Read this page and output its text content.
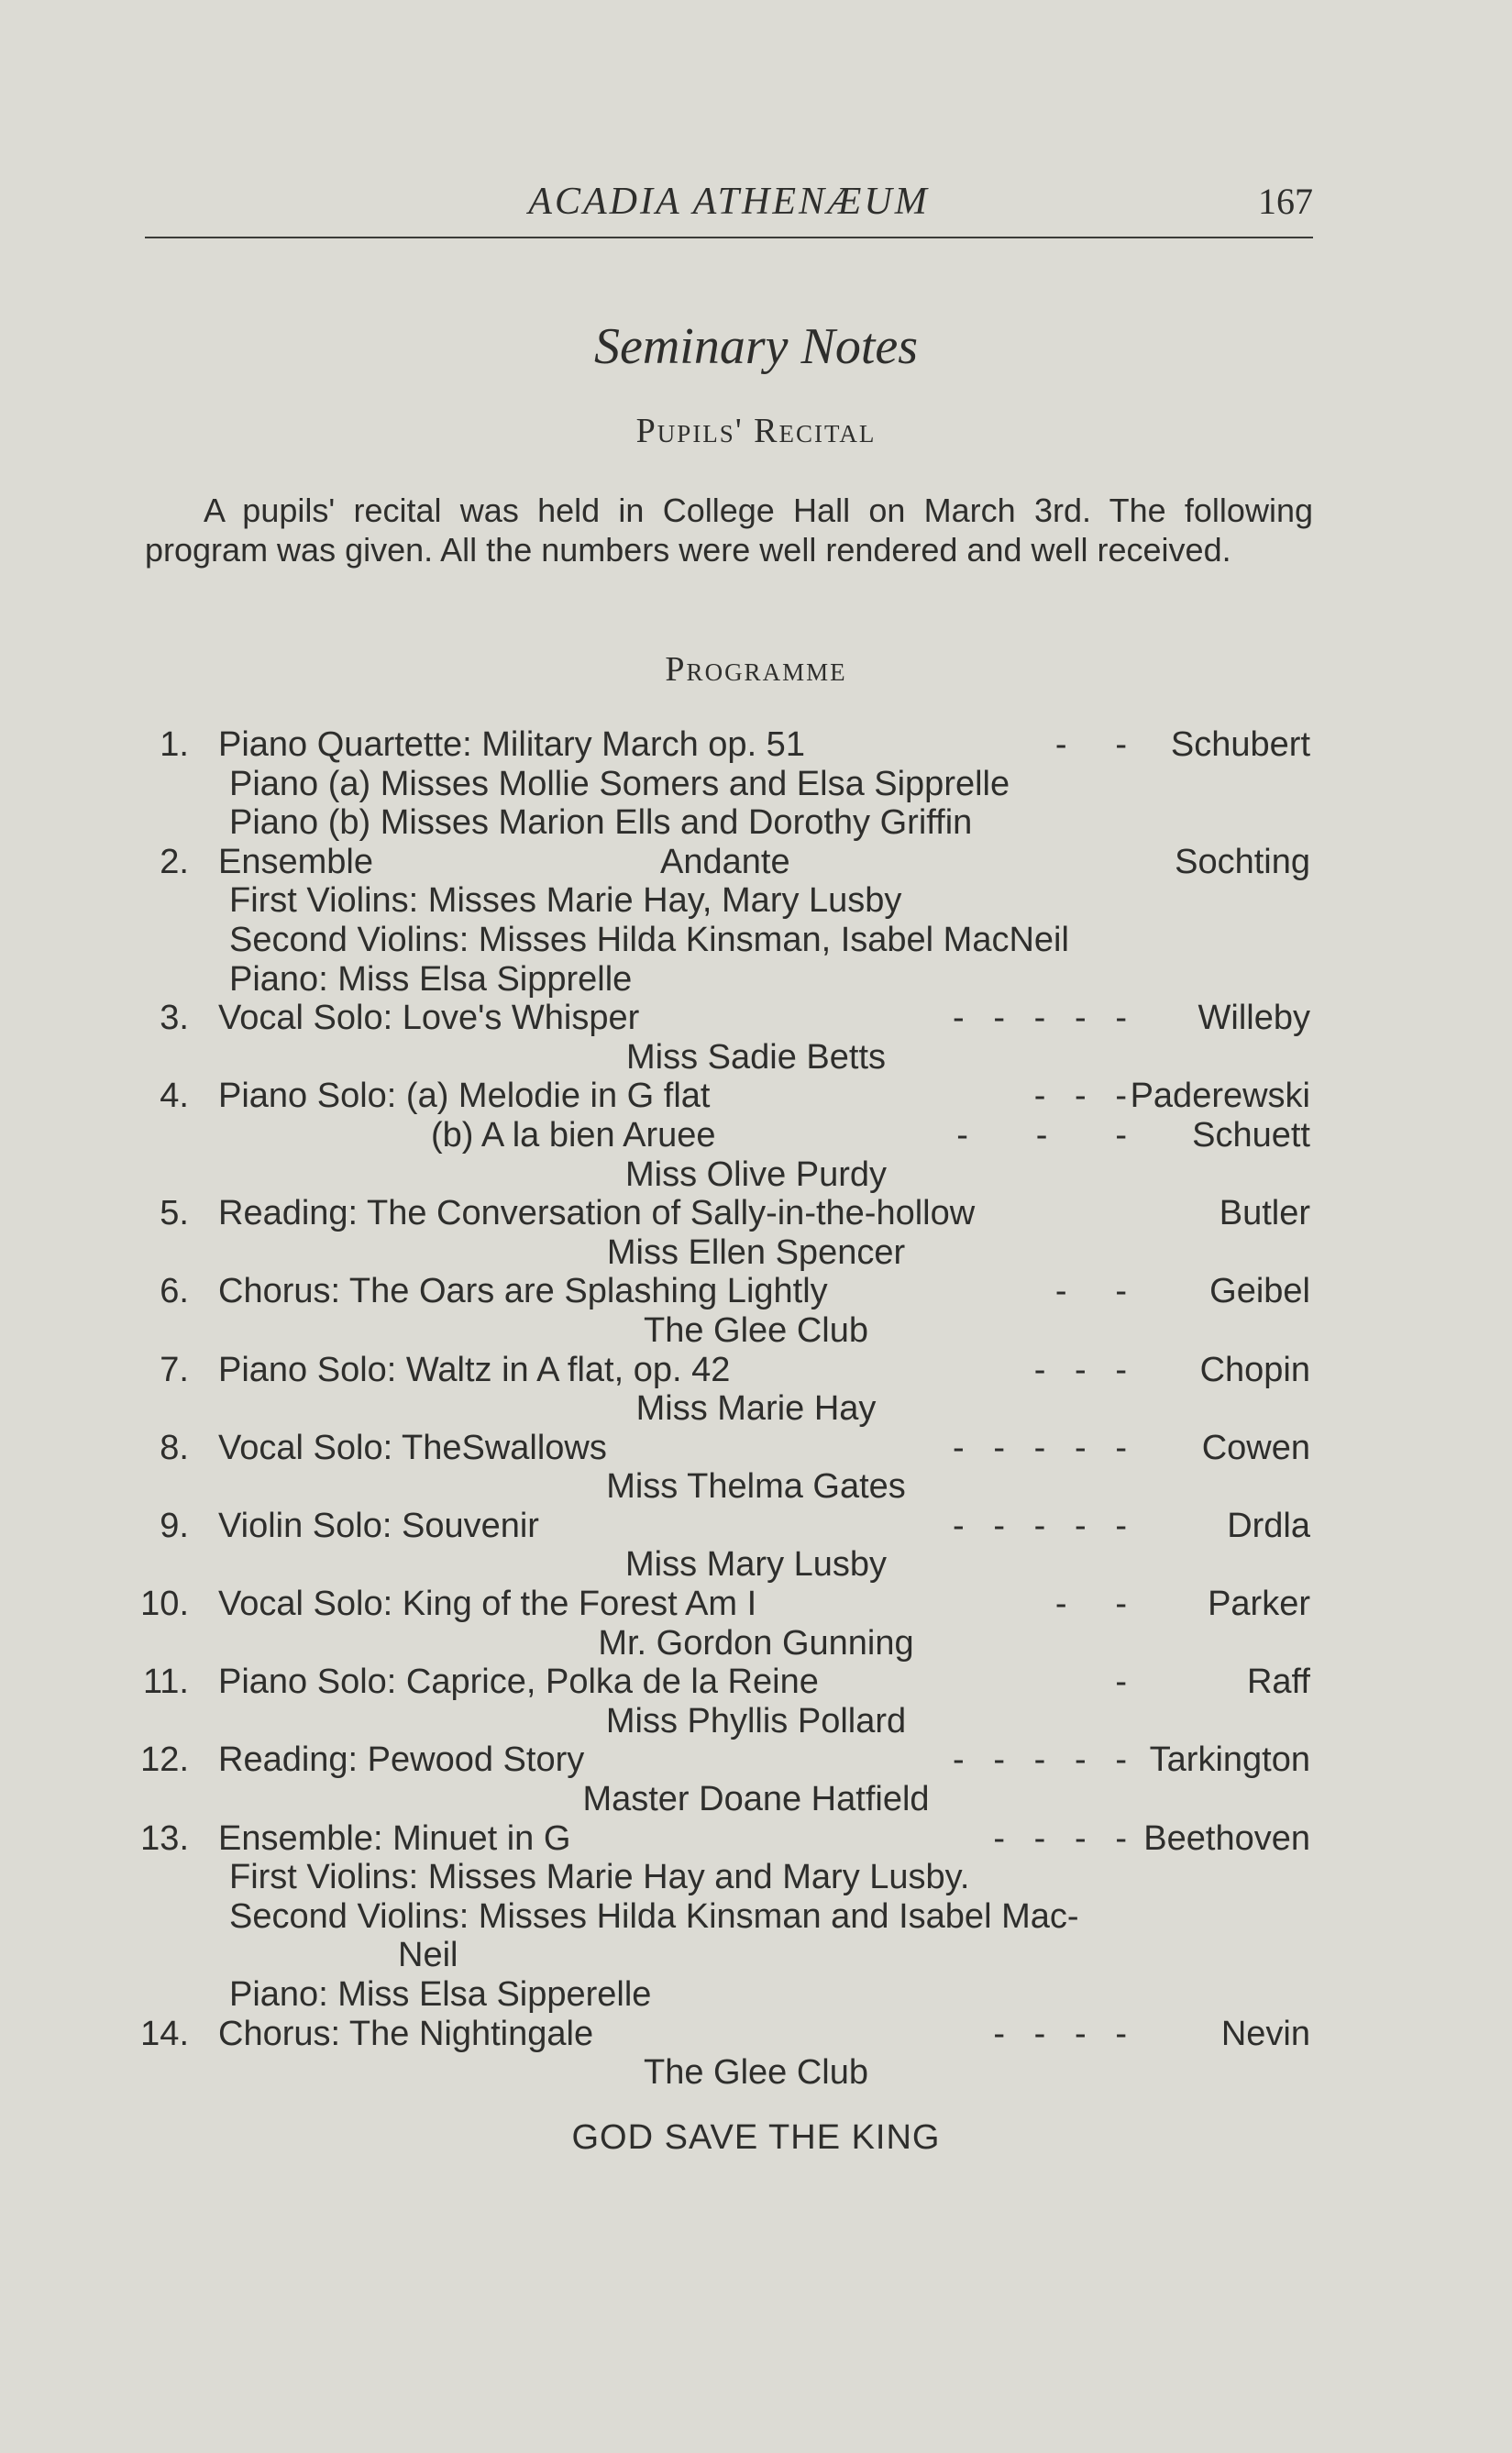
ACADIA ATHENÆUM	167
Seminary Notes
Pupils' Recital

A pupils' recital was held in College Hall on March 3rd. The following program was given. All the numbers were well rendered and well received.

Programme
1. Piano Quartette: Military March op. 51	-     - Schubert
Piano (a) Misses Mollie Somers and Elsa Sipprelle
Piano (b) Misses Marion Ells and Dorothy Griffin
2. Ensemble	Andante	Sochting
First Violins: Misses Marie Hay, Mary Lusby
Second Violins: Misses Hilda Kinsman, Isabel MacNeil
Piano: Miss Elsa Sipprelle
3. Vocal Solo: Love's Whisper	-   -   -   -   - Willeby
Miss Sadie Betts
4. Piano Solo: (a) Melodie in G flat	-   -   - Paderewski
(b) A la bien Aruee	-       -       - Schuett
Miss Olive Purdy
5. Reading: The Conversation of Sally-in-the-hollow	Butler
Miss Ellen Spencer
6. Chorus: The Oars are Splashing Lightly	-     - Geibel
The Glee Club
7. Piano Solo: Waltz in A flat, op. 42	-   -   - Chopin
Miss Marie Hay
8. Vocal Solo: TheSwallows	-   -   -   -   - Cowen
Miss Thelma Gates
9. Violin Solo: Souvenir	-   -   -   -   -	Drdla
Miss Mary Lusby
10. Vocal Solo: King of the Forest Am I	-     - Parker
Mr. Gordon Gunning
11. Piano Solo: Caprice, Polka de la Reine	-	Raff
Miss Phyllis Pollard
12. Reading: Pewood Story	-   -   -   -   - Tarkington
Master Doane Hatfield
13. Ensemble: Minuet in G	-   -   -   - Beethoven
First Violins: Misses Marie Hay and Mary Lusby.
Second Violins: Misses Hilda Kinsman and Isabel Mac-
Neil
Piano: Miss Elsa Sipperelle
14. Chorus: The Nightingale	-   -   -   -	Nevin
The Glee Club
GOD SAVE THE KING
